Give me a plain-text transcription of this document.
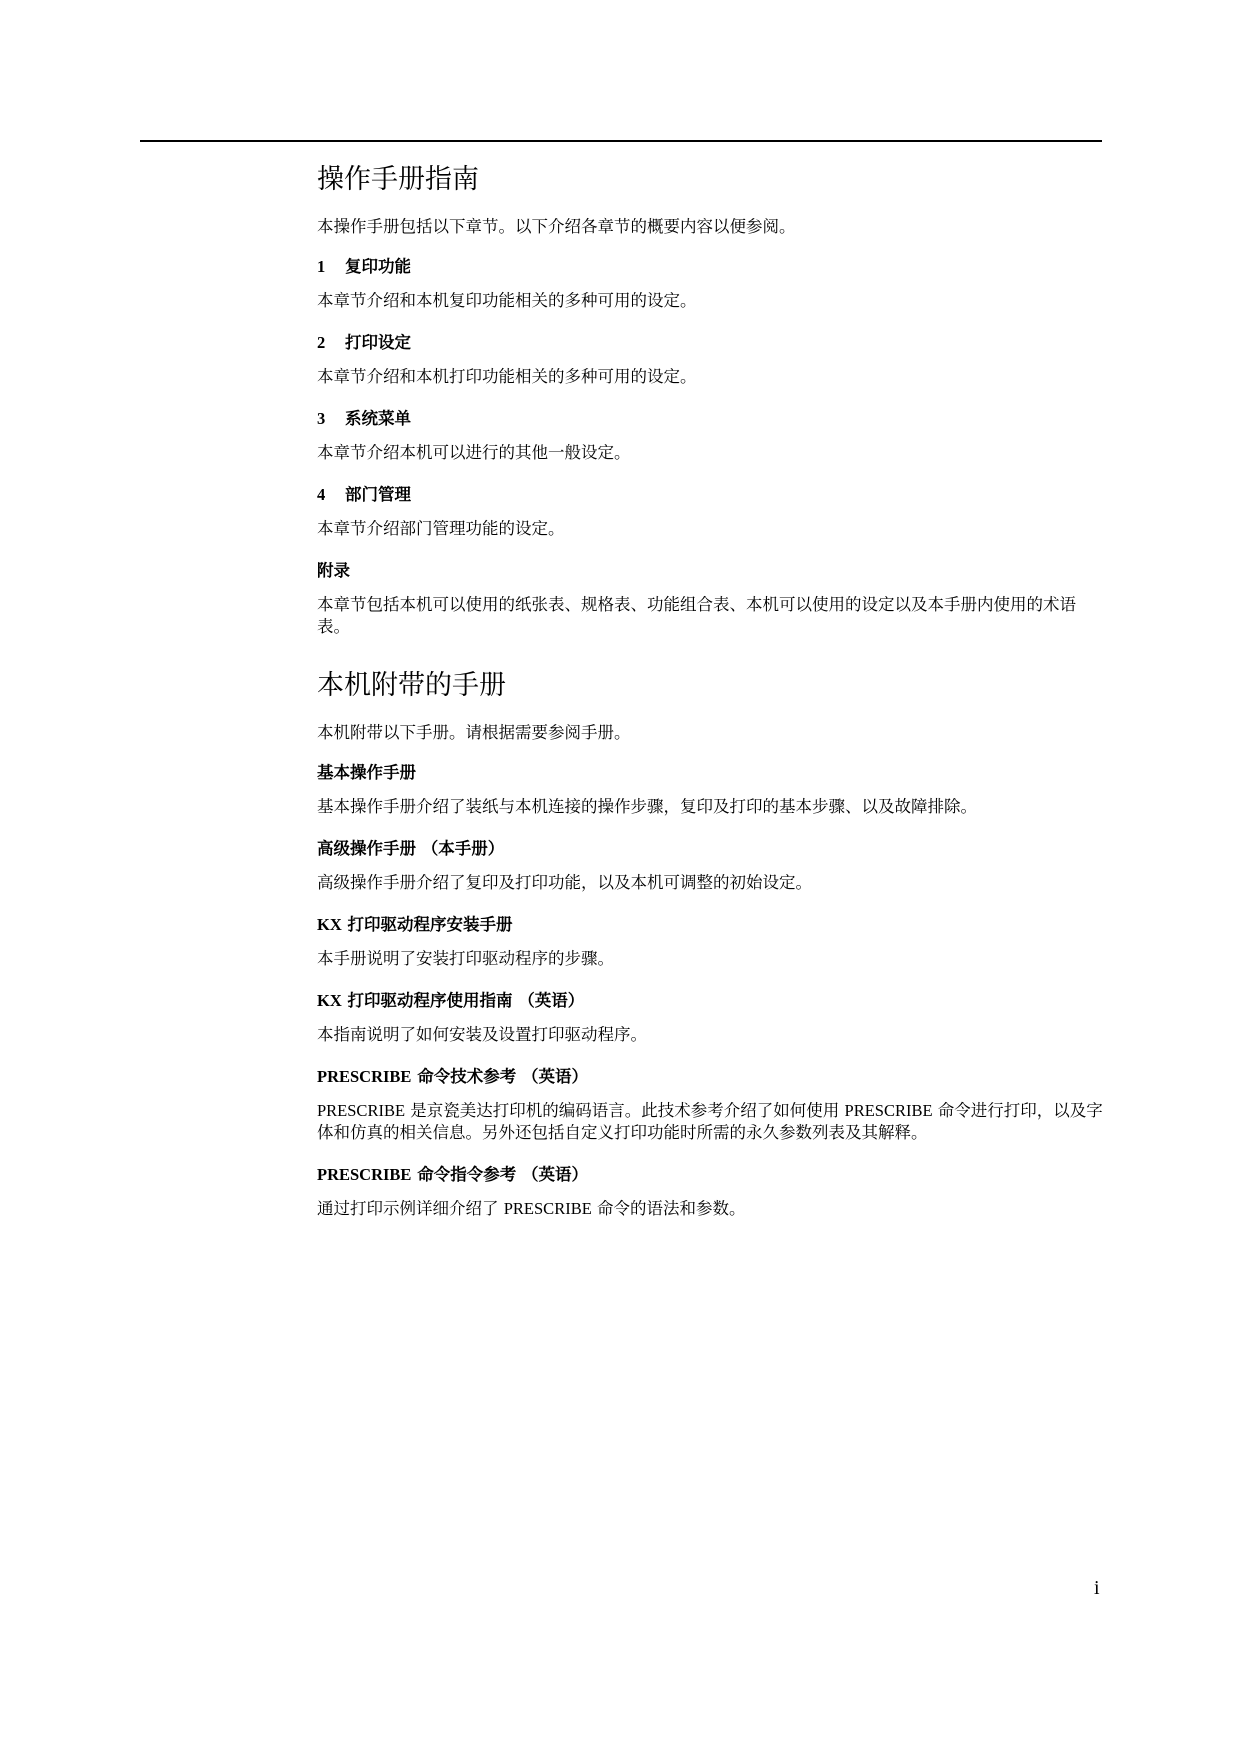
操作手册指南

本操作手册包括以下章节。以下介绍各章节的概要内容以便参阅。

1 复印功能

本章节介绍和本机复印功能相关的多种可用的设定。

2 打印设定

本章节介绍和本机打印功能相关的多种可用的设定。

3 系统菜单

本章节介绍本机可以进行的其他一般设定。

4 部门管理

本章节介绍部门管理功能的设定。

附录

本章节包括本机可以使用的纸张表、规格表、功能组合表、本机可以使用的设定以及本手册内使用的术语表。

本机附带的手册

本机附带以下手册。请根据需要参阅手册。

基本操作手册

基本操作手册介绍了装纸与本机连接的操作步骤，复印及打印的基本步骤、以及故障排除。

高级操作手册 （本手册）

高级操作手册介绍了复印及打印功能，以及本机可调整的初始设定。

KX 打印驱动程序安装手册

本手册说明了安装打印驱动程序的步骤。

KX 打印驱动程序使用指南 （英语）

本指南说明了如何安装及设置打印驱动程序。

PRESCRIBE 命令技术参考 （英语）

PRESCRIBE 是京瓷美达打印机的编码语言。此技术参考介绍了如何使用 PRESCRIBE 命令进行打印，以及字体和仿真的相关信息。另外还包括自定义打印功能时所需的永久参数列表及其解释。

PRESCRIBE 命令指令参考 （英语）

通过打印示例详细介绍了 PRESCRIBE 命令的语法和参数。

i
